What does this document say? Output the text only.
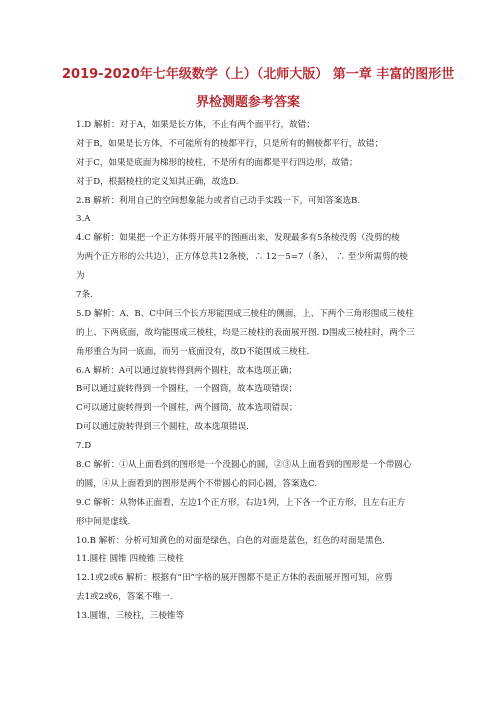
2019-2020年七年级数学（上）（北师大版） 第一章 丰富的图形世
界检测题参考答案
1.D 解析：对于A，如果是长方体，不止有两个面平行，故错；
对于B，如果是长方体，不可能所有的棱都平行，只是所有的侧棱都平行，故错；
对于C，如果是底面为梯形的棱柱，不是所有的面都是平行四边形，故错；
对于D，根据棱柱的定义知其正确，故选D.
2.B 解析：利用自己的空间想象能力或者自己动手实践一下，可知答案选B.
3.A
4.C 解析：如果把一个正方体剪开展平的图画出来，发现最多有5条棱没剪（没剪的棱
为两个正方形的公共边），正方体总共12条棱，∴ 12－5=7（条）， ∴ 至少所需剪的棱
为
7条.
5.D 解析：A、B、C中间三个长方形能围成三棱柱的侧面，上、下两个三角形围成三棱柱
的上、下两底面，故均能围成三棱柱，均是三棱柱的表面展开图. D围成三棱柱时，两个三
角形重合为同一底面，而另一底面没有，故D不能围成三棱柱.
6.A 解析：A可以通过旋转得到两个圆柱，故本选项正确；
B可以通过旋转得到一个圆柱，一个圆筒，故本选项错误；
C可以通过旋转得到一个圆柱，两个圆筒，故本选项错误；
D可以通过旋转得到三个圆柱，故本选项错误.
7.D
8.C 解析：①从上面看到的图形是一个没圆心的圆，②③从上面看到的图形是一个带圆心
的圆，④从上面看到的图形是两个不带圆心的同心圆，答案选C.
9.C 解析：从物体正面看，左边1个正方形，右边1列，上下各一个正方形，且左右正方
形中间是虚线.
10.B 解析：分析可知黄色的对面是绿色，白色的对面是蓝色，红色的对面是黑色.
11.圆柱 圆锥 四棱锥 三棱柱
12.1或2或6 解析：根据有“田”字格的展开图都不是正方体的表面展开图可知，应剪
去1或2或6，答案不唯一.
13.圆锥，三棱柱，三棱锥等
